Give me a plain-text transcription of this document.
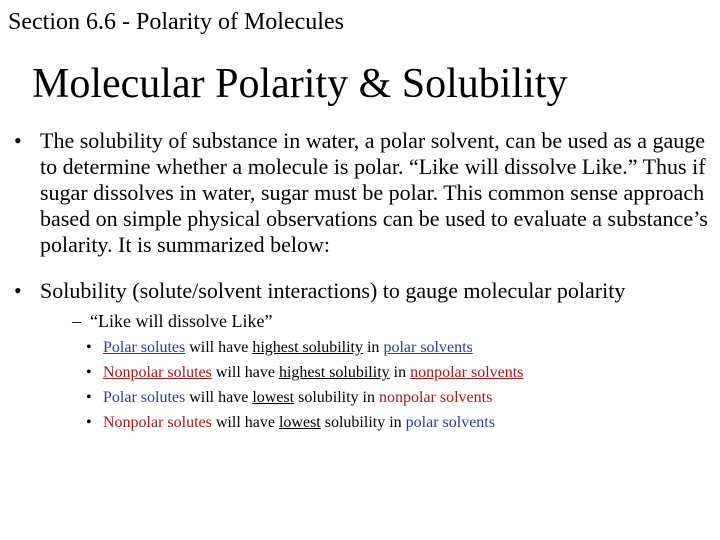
Section 6.6 - Polarity of Molecules
Molecular Polarity & Solubility
• The solubility of substance in water, a polar solvent, can be used as a gauge to determine whether a molecule is polar. “Like will dissolve Like.” Thus if sugar dissolves in water, sugar must be polar. This common sense approach based on simple physical observations can be used to evaluate a substance’s polarity. It is summarized below:
• Solubility (solute/solvent interactions) to gauge molecular polarity
– “Like will dissolve Like”
• Polar solutes will have highest solubility in polar solvents
• Nonpolar solutes will have highest solubility in nonpolar solvents
• Polar solutes will have lowest solubility in nonpolar solvents
• Nonpolar solutes will have lowest solubility in polar solvents
